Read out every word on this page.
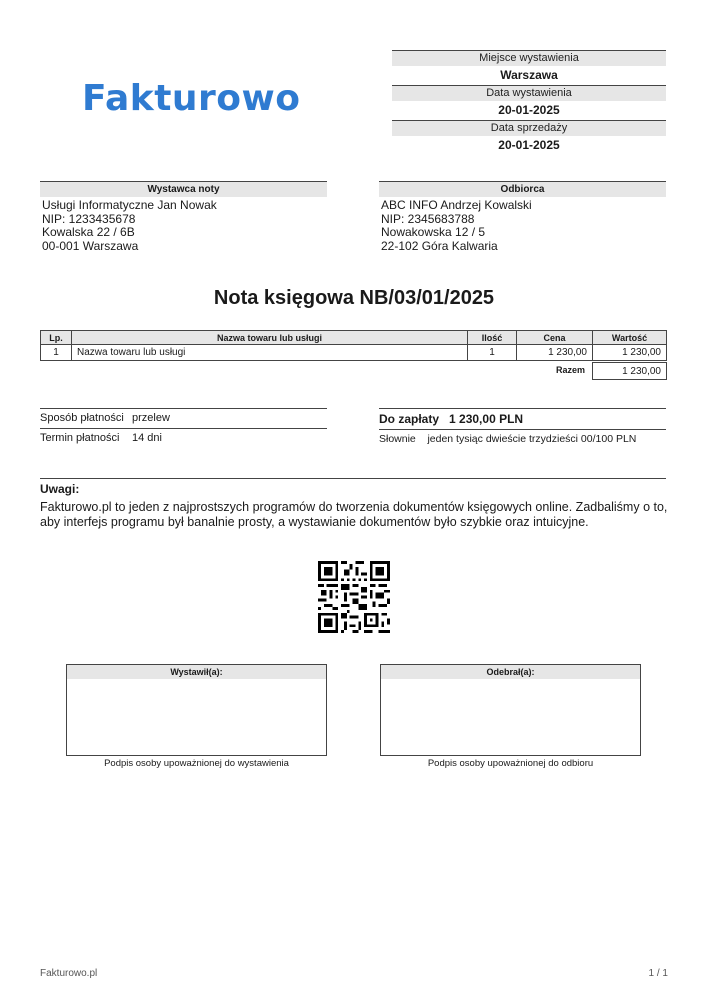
Fakturowo
Miejsce wystawienia
Warszawa
Data wystawienia
20-01-2025
Data sprzedaży
20-01-2025
Wystawca noty
Usługi Informatyczne Jan Nowak
NIP: 1233435678
Kowalska 22 / 6B
00-001 Warszawa
Odbiorca
ABC INFO Andrzej Kowalski
NIP: 2345683788
Nowakowska 12 / 5
22-102 Góra Kalwaria
Nota księgowa NB/03/01/2025
Lp.	Nazwa towaru lub usługi	Ilość	Cena	Wartość
1	Nazwa towaru lub usługi	1	1 230,00	1 230,00
Razem	1 230,00
Sposób płatności przelew
Termin płatności 14 dni
Do zapłaty 1 230,00 PLN
Słownie jeden tysiąc dwieście trzydzieści 00/100 PLN
Uwagi:
Fakturowo.pl to jeden z najprostszych programów do tworzenia dokumentów księgowych online. Zadbaliśmy o to, aby interfejs programu był banalnie prosty, a wystawianie dokumentów było szybkie oraz intuicyjne.
Wystawił(a):
Podpis osoby upoważnionej do wystawienia
Odebrał(a):
Podpis osoby upoważnionej do odbioru
Fakturowo.pl	1 / 1
